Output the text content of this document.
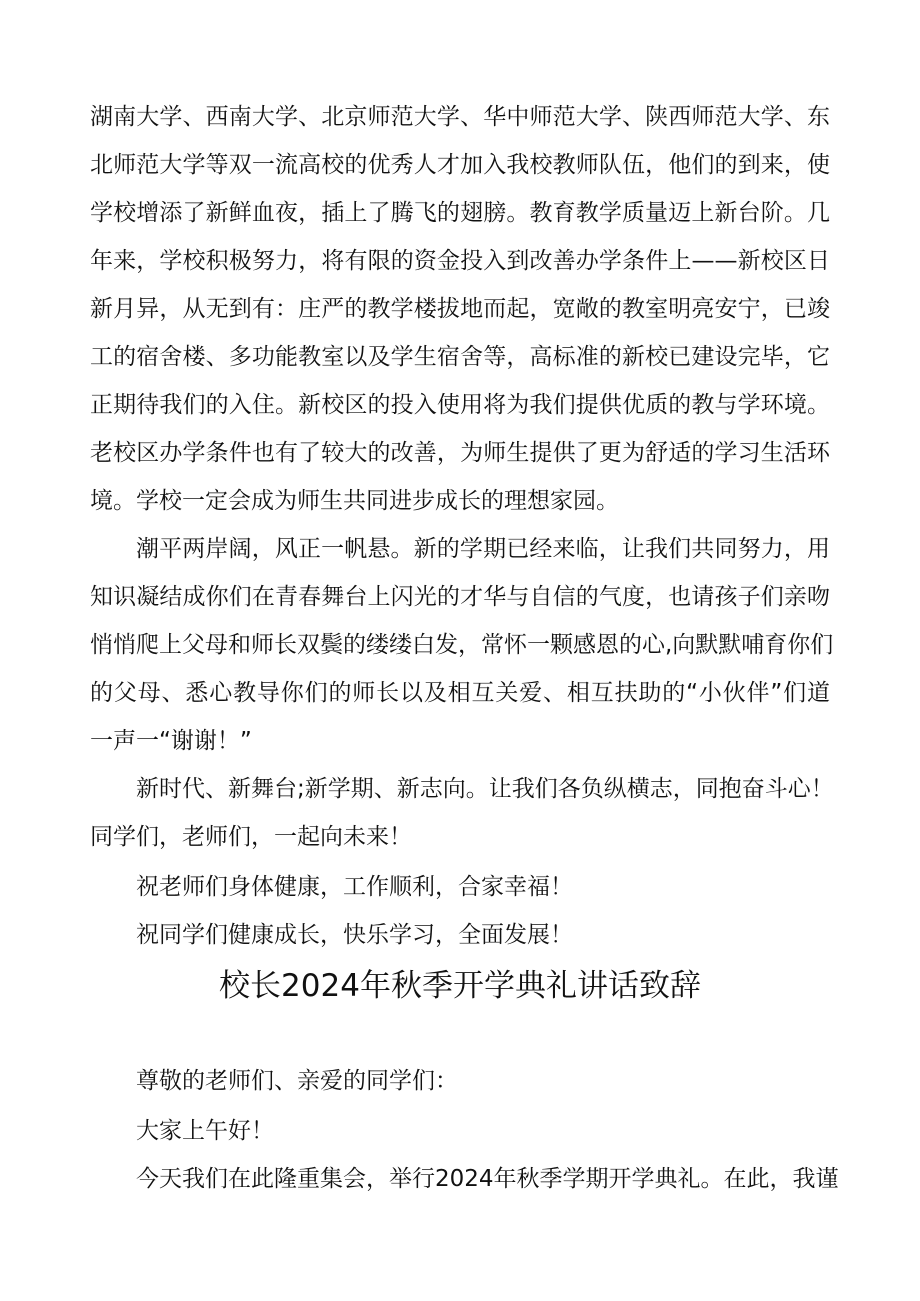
湖南大学、西南大学、北京师范大学、华中师范大学、陕西师范大学、东
北师范大学等双一流高校的优秀人才加入我校教师队伍，他们的到来，使
学校增添了新鲜血夜，插上了腾飞的翅膀。教育教学质量迈上新台阶。几
年来，学校积极努力，将有限的资金投入到改善办学条件上——新校区日
新月异，从无到有：庄严的教学楼拔地而起，宽敞的教室明亮安宁，已竣
工的宿舍楼、多功能教室以及学生宿舍等，高标准的新校已建设完毕，它
正期待我们的入住。新校区的投入使用将为我们提供优质的教与学环境。
老校区办学条件也有了较大的改善，为师生提供了更为舒适的学习生活环
境。学校一定会成为师生共同进步成长的理想家园。
潮平两岸阔，风正一帆悬。新的学期已经来临，让我们共同努力，用
知识凝结成你们在青春舞台上闪光的才华与自信的气度，也请孩子们亲吻
悄悄爬上父母和师长双鬓的缕缕白发，常怀一颗感恩的心,向默默哺育你们
的父母、悉心教导你们的师长以及相互关爱、相互扶助的“小伙伴”们道
一声一“谢谢！”
新时代、新舞台;新学期、新志向。让我们各负纵横志，同抱奋斗心！
同学们，老师们，一起向未来！
祝老师们身体健康，工作顺利，合家幸福！
祝同学们健康成长，快乐学习，全面发展！
校长2024年秋季开学典礼讲话致辞
尊敬的老师们、亲爱的同学们：
大家上午好！
今天我们在此隆重集会，举行2024年秋季学期开学典礼。在此，我谨
